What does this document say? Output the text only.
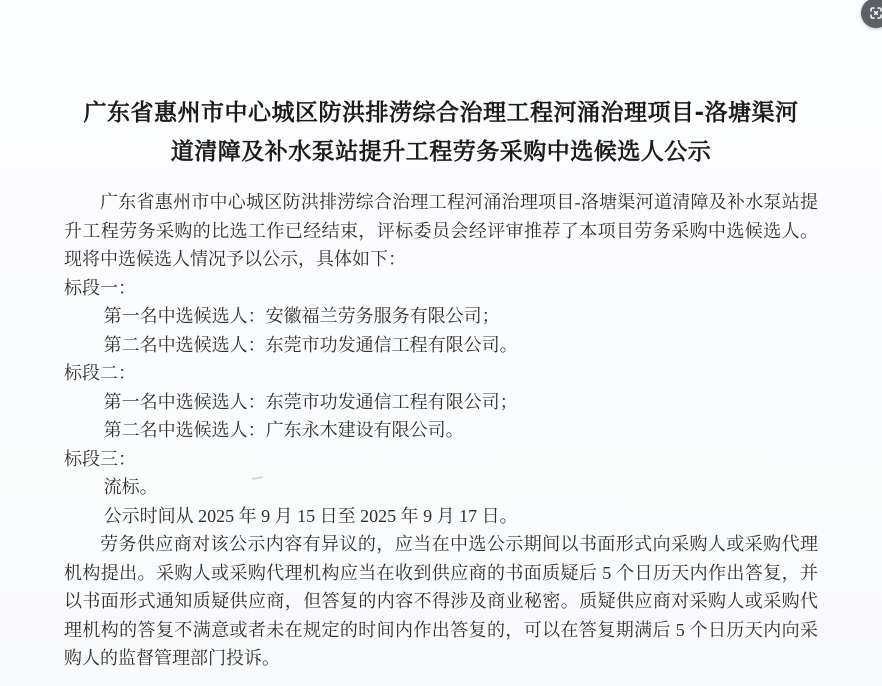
广东省惠州市中心城区防洪排涝综合治理工程河涌治理项目-洛塘渠河
道清障及补水泵站提升工程劳务采购中选候选人公示

广东省惠州市中心城区防洪排涝综合治理工程河涌治理项目-洛塘渠河道清障及补水泵站提升工程劳务采购的比选工作已经结束，评标委员会经评审推荐了本项目劳务采购中选候选人。现将中选候选人情况予以公示，具体如下：

标段一：

第一名中选候选人：安徽福兰劳务服务有限公司；

第二名中选候选人：东莞市功发通信工程有限公司。

标段二：

第一名中选候选人：东莞市功发通信工程有限公司；

第二名中选候选人：广东永木建设有限公司。

标段三：

流标。

公示时间从 2025 年 9 月 15 日至 2025 年 9 月 17 日。

劳务供应商对该公示内容有异议的，应当在中选公示期间以书面形式向采购人或采购代理机构提出。采购人或采购代理机构应当在收到供应商的书面质疑后 5 个日历天内作出答复，并以书面形式通知质疑供应商，但答复的内容不得涉及商业秘密。质疑供应商对采购人或采购代理机构的答复不满意或者未在规定的时间内作出答复的，可以在答复期满后 5 个日历天内向采购人的监督管理部门投诉。
